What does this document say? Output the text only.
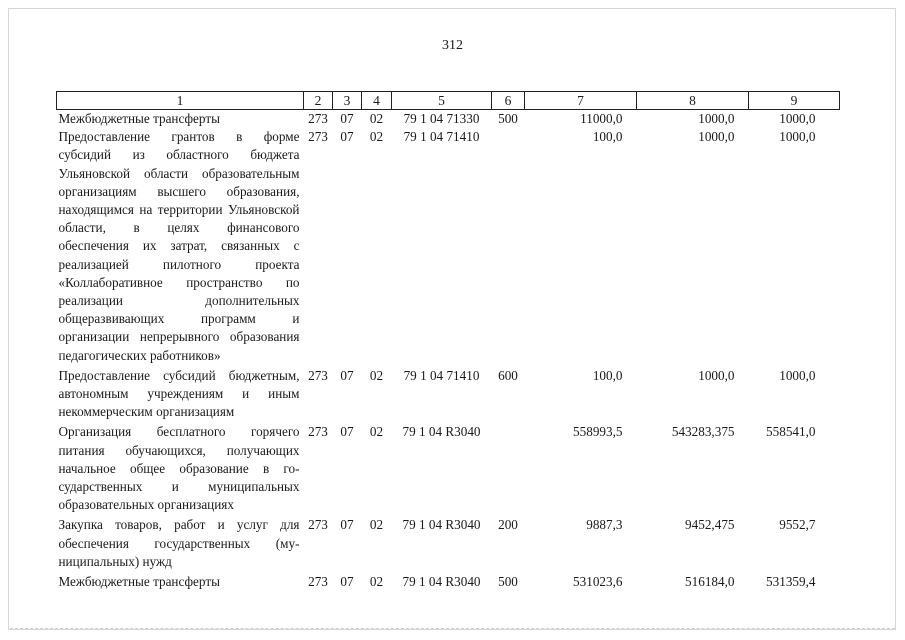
312
1	2	3	4	5	6	7	8	9
Межбюджетные трансферты	273	07	02	79 1 04 71330	500	11000,0	1000,0	1000,0
Предоставление грантов в форме субсидий из областного бюджета Ульяновской области образовательным организациям высшего образования, находящимся на территории Ульяновской области, в целях финансового обеспечения их затрат, связанных с реализацией пилотного проекта «Коллаборативное пространство по реализации дополнительных общеразвивающих программ и организации непрерывного образования педагогических работников»	273	07	02	79 1 04 71410		100,0	1000,0	1000,0
Предоставление субсидий бюджетным, автономным учреждениям и иным некоммерческим организациям	273	07	02	79 1 04 71410	600	100,0	1000,0	1000,0
Организация бесплатного горячего питания обучающихся, получающих начальное общее образование в государственных и муниципальных образовательных организациях	273	07	02	79 1 04 R3040		558993,5	543283,375	558541,0
Закупка товаров, работ и услуг для обеспечения государственных (муниципальных) нужд	273	07	02	79 1 04 R3040	200	9887,3	9452,475	9552,7
Межбюджетные трансферты	273	07	02	79 1 04 R3040	500	531023,6	516184,0	531359,4
